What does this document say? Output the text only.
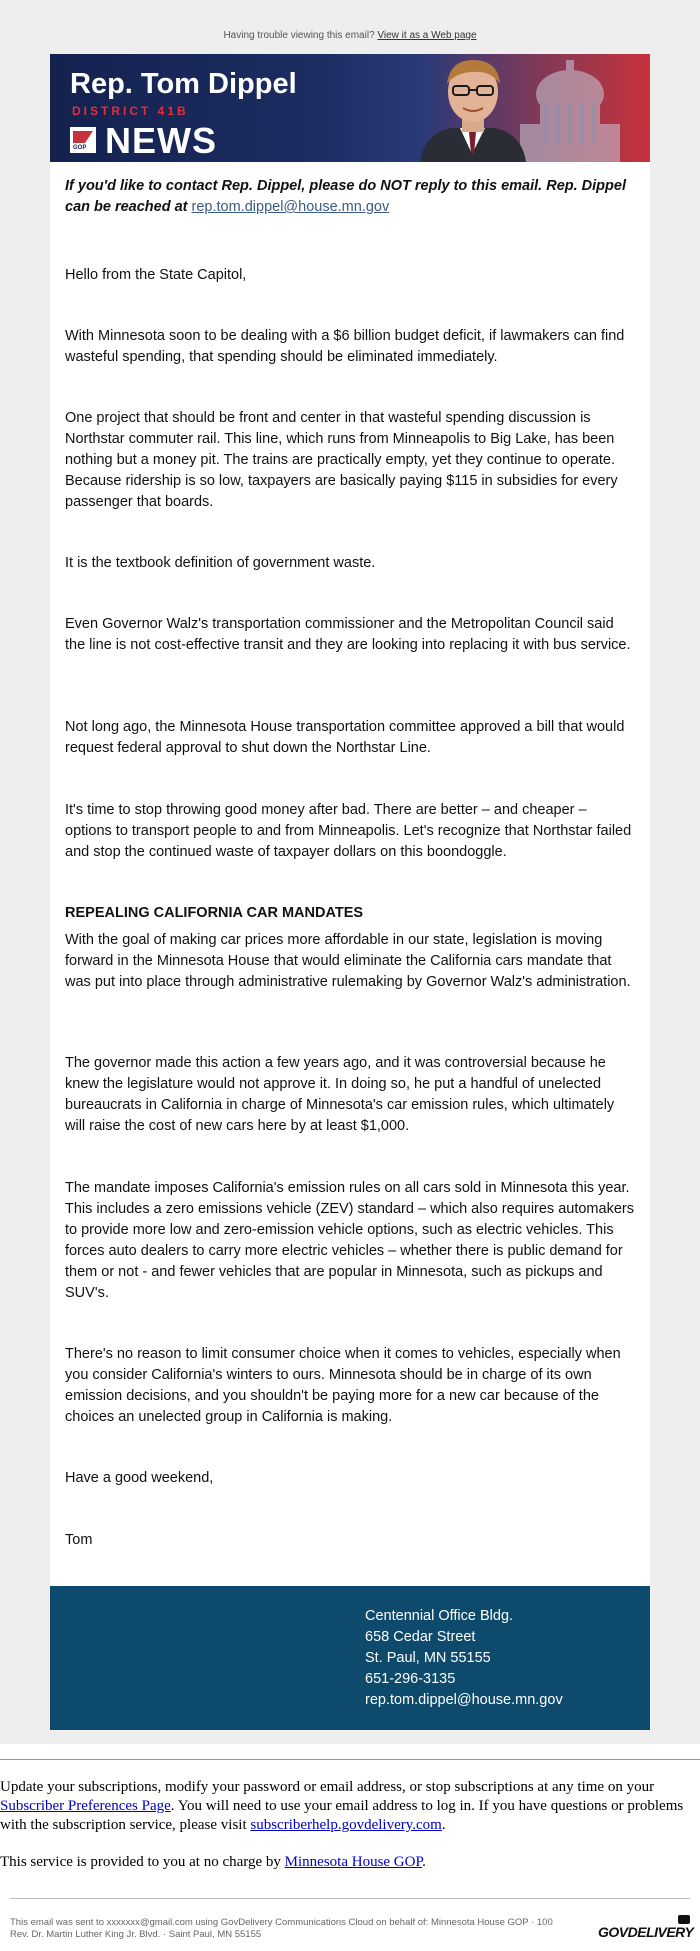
Having trouble viewing this email? View it as a Web page
Rep. Tom Dippel
DISTRICT 41B
GOP NEWS

If you'd like to contact Rep. Dippel, please do NOT reply to this email. Rep. Dippel can be reached at rep.tom.dippel@house.mn.gov

Hello from the State Capitol,

With Minnesota soon to be dealing with a $6 billion budget deficit, if lawmakers can find wasteful spending, that spending should be eliminated immediately.

One project that should be front and center in that wasteful spending discussion is Northstar commuter rail. This line, which runs from Minneapolis to Big Lake, has been nothing but a money pit. The trains are practically empty, yet they continue to operate. Because ridership is so low, taxpayers are basically paying $115 in subsidies for every passenger that boards.

It is the textbook definition of government waste.

Even Governor Walz's transportation commissioner and the Metropolitan Council said the line is not cost-effective transit and they are looking into replacing it with bus service.

Not long ago, the Minnesota House transportation committee approved a bill that would request federal approval to shut down the Northstar Line.

It's time to stop throwing good money after bad. There are better – and cheaper – options to transport people to and from Minneapolis. Let's recognize that Northstar failed and stop the continued waste of taxpayer dollars on this boondoggle.

REPEALING CALIFORNIA CAR MANDATES

With the goal of making car prices more affordable in our state, legislation is moving forward in the Minnesota House that would eliminate the California cars mandate that was put into place through administrative rulemaking by Governor Walz's administration.

The governor made this action a few years ago, and it was controversial because he knew the legislature would not approve it. In doing so, he put a handful of unelected bureaucrats in California in charge of Minnesota's car emission rules, which ultimately will raise the cost of new cars here by at least $1,000.

The mandate imposes California's emission rules on all cars sold in Minnesota this year. This includes a zero emissions vehicle (ZEV) standard – which also requires automakers to provide more low and zero-emission vehicle options, such as electric vehicles. This forces auto dealers to carry more electric vehicles – whether there is public demand for them or not - and fewer vehicles that are popular in Minnesota, such as pickups and SUV's.

There's no reason to limit consumer choice when it comes to vehicles, especially when you consider California's winters to ours. Minnesota should be in charge of its own emission decisions, and you shouldn't be paying more for a new car because of the choices an unelected group in California is making.

Have a good weekend,

Tom

Centennial Office Bldg.
658 Cedar Street
St. Paul, MN 55155
651-296-3135
rep.tom.dippel@house.mn.gov
Update your subscriptions, modify your password or email address, or stop subscriptions at any time on your Subscriber Preferences Page. You will need to use your email address to log in. If you have questions or problems with the subscription service, please visit subscriberhelp.govdelivery.com.
This service is provided to you at no charge by Minnesota House GOP.
This email was sent to xxxxxxx@gmail.com using GovDelivery Communications Cloud on behalf of: Minnesota House GOP · 100
Rev. Dr. Martin Luther King Jr. Blvd. · Saint Paul, MN 55155	GOVDELIVERY
